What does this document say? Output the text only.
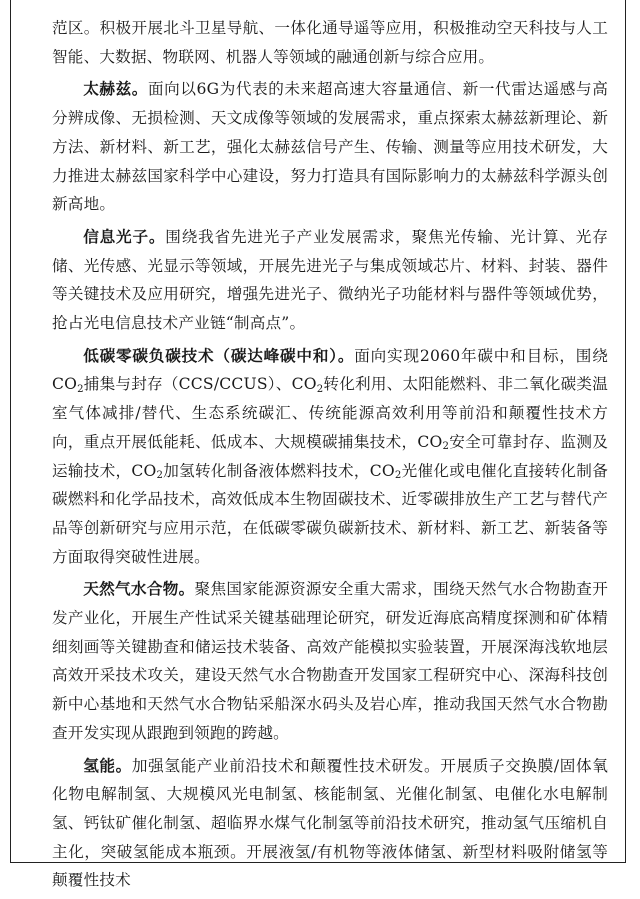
范区。积极开展北斗卫星导航、一体化通导遥等应用，积极推动空天科技与人工智能、大数据、物联网、机器人等领域的融通创新与综合应用。

太赫兹。面向以6G为代表的未来超高速大容量通信、新一代雷达遥感与高分辨成像、无损检测、天文成像等领域的发展需求，重点探索太赫兹新理论、新方法、新材料、新工艺，强化太赫兹信号产生、传输、测量等应用技术研发，大力推进太赫兹国家科学中心建设，努力打造具有国际影响力的太赫兹科学源头创新高地。

信息光子。围绕我省先进光子产业发展需求，聚焦光传输、光计算、光存储、光传感、光显示等领域，开展先进光子与集成领域芯片、材料、封装、器件等关键技术及应用研究，增强先进光子、微纳光子功能材料与器件等领域优势，抢占光电信息技术产业链“制高点”。

低碳零碳负碳技术（碳达峰碳中和）。面向实现2060年碳中和目标，围绕$CO_2$捕集与封存（CCS/CCUS）、$CO_2$转化利用、太阳能燃料、非二氧化碳类温室气体减排/替代、生态系统碳汇、传统能源高效利用等前沿和颠覆性技术方向，重点开展低能耗、低成本、大规模碳捕集技术，$CO_2$安全可靠封存、监测及运输技术，$CO_2$加氢转化制备液体燃料技术，$CO_2$光催化或电催化直接转化制备碳燃料和化学品技术，高效低成本生物固碳技术、近零碳排放生产工艺与替代产品等创新研究与应用示范，在低碳零碳负碳新技术、新材料、新工艺、新装备等方面取得突破性进展。

天然气水合物。聚焦国家能源资源安全重大需求，围绕天然气水合物勘查开发产业化，开展生产性试采关键基础理论研究，研发近海底高精度探测和矿体精细刻画等关键勘查和储运技术装备、高效产能模拟实验装置，开展深海浅软地层高效开采技术攻关，建设天然气水合物勘查开发国家工程研究中心、深海科技创新中心基地和天然气水合物钻采船深水码头及岩心库，推动我国天然气水合物勘查开发实现从跟跑到领跑的跨越。

氢能。加强氢能产业前沿技术和颠覆性技术研发。开展质子交换膜/固体氧化物电解制氢、大规模风光电制氢、核能制氢、光催化制氢、电催化水电解制氢、钙钛矿催化制氢、超临界水煤气化制氢等前沿技术研究，推动氢气压缩机自主化，突破氢能成本瓶颈。开展液氢/有机物等液体储氢、新型材料吸附储氢等颠覆性技术
